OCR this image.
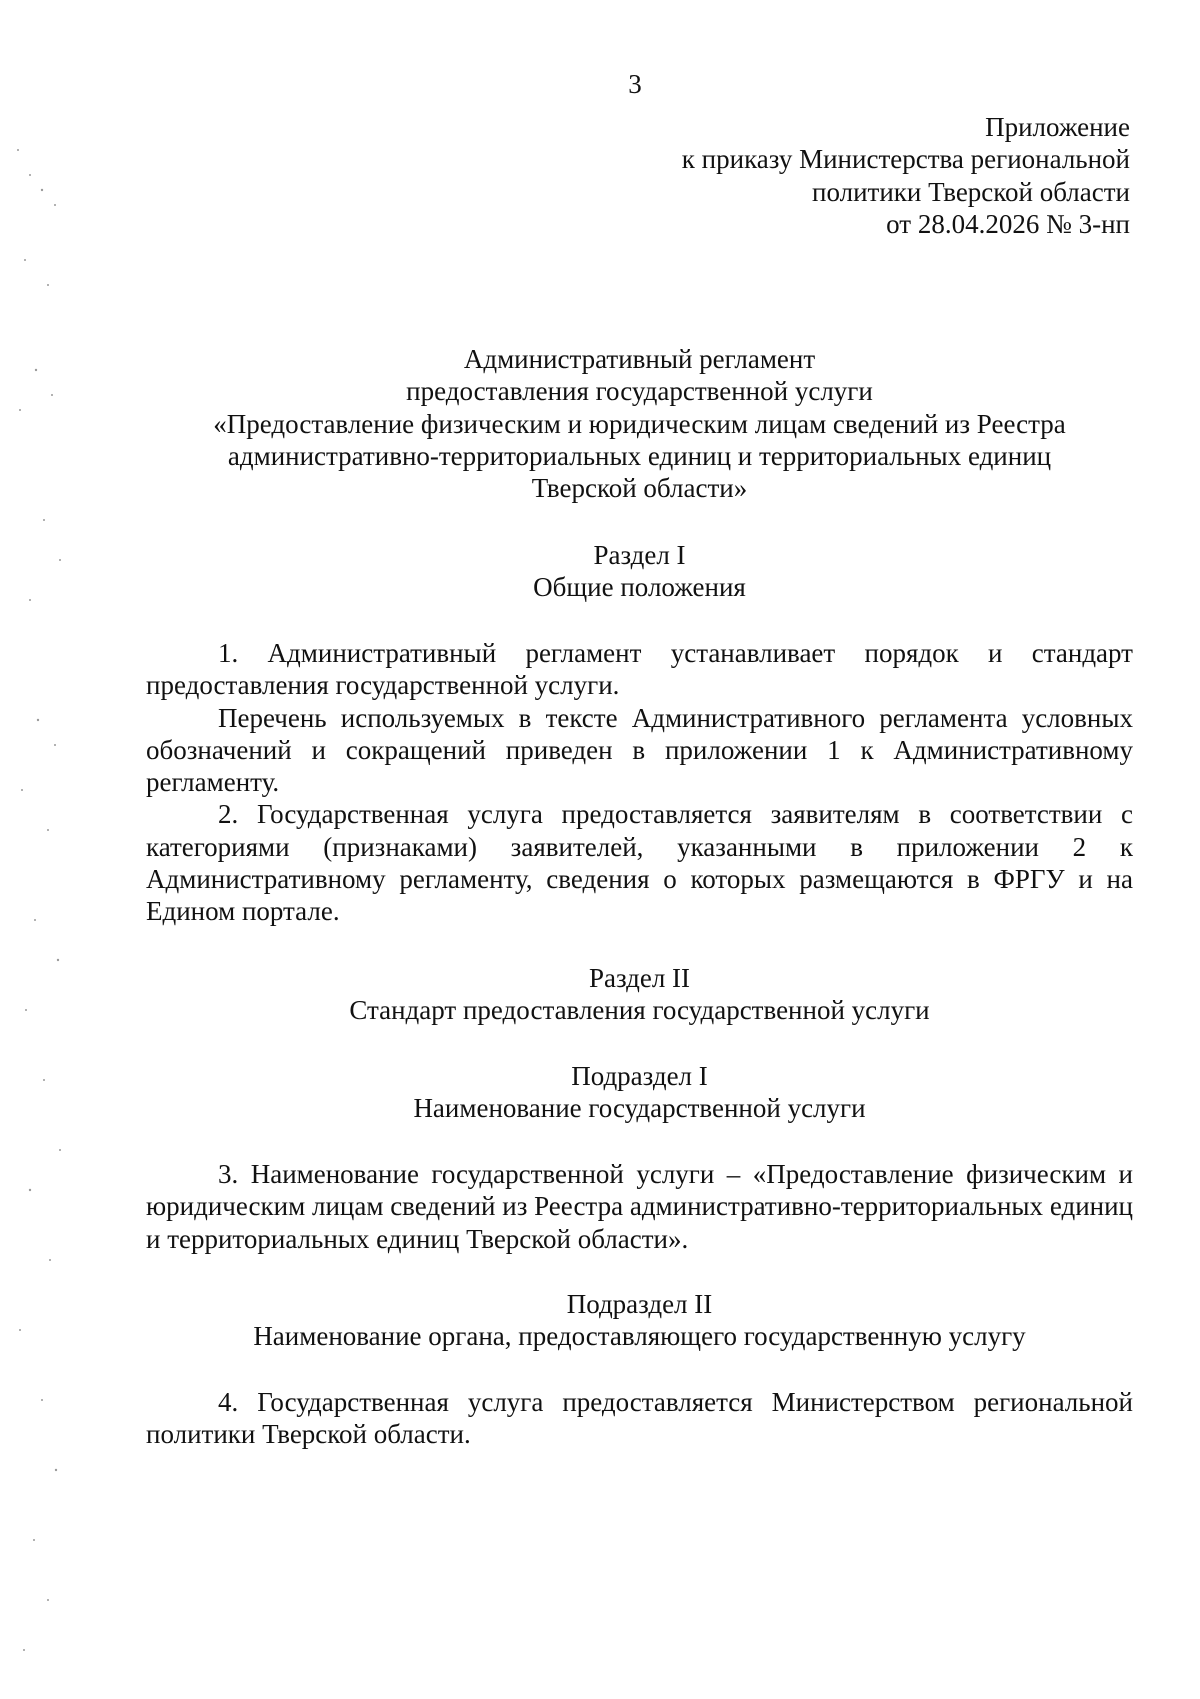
3
Приложение
к приказу Министерства региональной
политики Тверской области
от 28.04.2026 № 3-нп
Административный регламент
предоставления государственной услуги
«Предоставление физическим и юридическим лицам сведений из Реестра
административно-территориальных единиц и территориальных единиц
Тверской области»
Раздел I
Общие положения

1. Административный регламент устанавливает порядок и стандарт предоставления государственной услуги.

Перечень используемых в тексте Административного регламента условных обозначений и сокращений приведен в приложении 1 к Административному регламенту.

2. Государственная услуга предоставляется заявителям в соответствии с категориями (признаками) заявителей, указанными в приложении 2 к Административному регламенту, сведения о которых размещаются в ФРГУ и на Едином портале.

Раздел II
Стандарт предоставления государственной услуги
Подраздел I
Наименование государственной услуги

3. Наименование государственной услуги – «Предоставление физическим и юридическим лицам сведений из Реестра административно-территориальных единиц и территориальных единиц Тверской области».

Подраздел II
Наименование органа, предоставляющего государственную услугу

4. Государственная услуга предоставляется Министерством региональной политики Тверской области.
